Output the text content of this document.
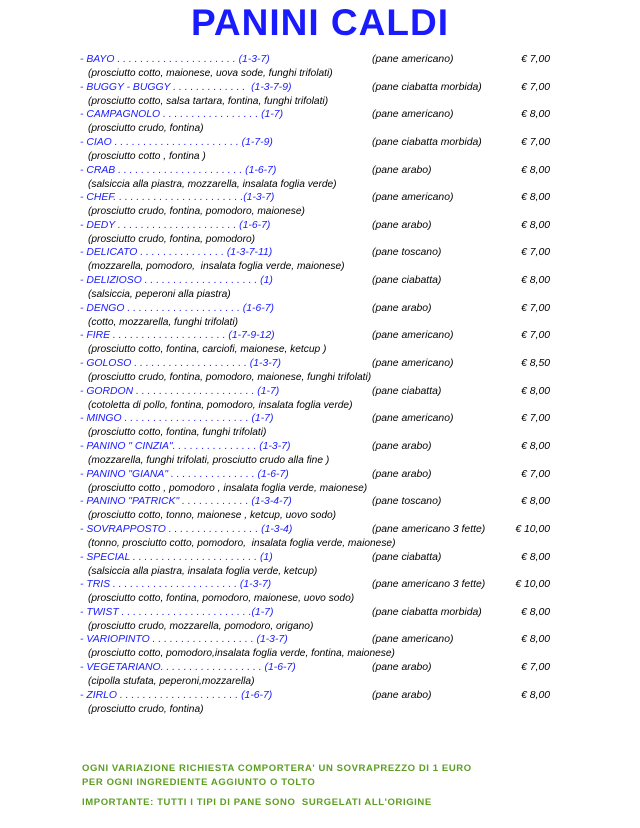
PANINI CALDI
- BAYO . . . . . . . . . . . . . . . . . . . . . (1-3-7)	(pane americano)	€ 7,00
(prosciutto cotto, maionese, uova sode, funghi trifolati)
- BUGGY - BUGGY . . . . . . . . . . . . .  (1-3-7-9)	(pane ciabatta morbida)	€ 7,00
(prosciutto cotto, salsa tartara, fontina, funghi trifolati)
- CAMPAGNOLO . . . . . . . . . . . . . . . . . (1-7)	(pane americano)	€ 8,00
(prosciutto crudo, fontina)
- CIAO . . . . . . . . . . . . . . . . . . . . . . (1-7-9)	(pane ciabatta morbida)	€ 7,00
(prosciutto cotto , fontina )
- CRAB . . . . . . . . . . . . . . . . . . . . . . (1-6-7)	(pane arabo)	€ 8,00
(salsiccia alla piastra, mozzarella, insalata foglia verde)
- CHEF. . . . . . . . . . . . . . . . . . . . . . .(1-3-7)	(pane americano)	€ 8,00
(prosciutto crudo, fontina, pomodoro, maionese)
- DEDY . . . . . . . . . . . . . . . . . . . . . (1-6-7)	(pane arabo)	€ 8,00
(prosciutto crudo, fontina, pomodoro)
- DELICATO . . . . . . . . . . . . . . . (1-3-7-11)	(pane toscano)	€ 7,00
(mozzarella, pomodoro,  insalata foglia verde, maionese)
- DELIZIOSO . . . . . . . . . . . . . . . . . . . . (1)	(pane ciabatta)	€ 8,00
(salsiccia, peperoni alla piastra)
- DENGO . . . . . . . . . . . . . . . . . . . . (1-6-7)	(pane arabo)	€ 7,00
(cotto, mozzarella, funghi trifolati)
- FIRE . . . . . . . . . . . . . . . . . . . . (1-7-9-12)	(pane americano)	€ 7,00
(prosciutto cotto, fontina, carciofi, maionese, ketcup )
- GOLOSO . . . . . . . . . . . . . . . . . . . . (1-3-7)	(pane americano)	€ 8,50
(prosciutto crudo, fontina, pomodoro, maionese, funghi trifolati)
- GORDON . . . . . . . . . . . . . . . . . . . . . (1-7)	(pane ciabatta)	€ 8,00
(cotoletta di pollo, fontina, pomodoro, insalata foglia verde)
- MINGO . . . . . . . . . . . . . . . . . . . . . . (1-7)	(pane americano)	€ 7,00
(prosciutto cotto, fontina, funghi trifolati)
- PANINO " CINZIA". . . . . . . . . . . . . . . (1-3-7)	(pane arabo)	€ 8,00
(mozzarella, funghi trifolati, prosciutto crudo alla fine )
- PANINO "GIANA" . . . . . . . . . . . . . . . (1-6-7)	(pane arabo)	€ 7,00
(prosciutto cotto , pomodoro , insalata foglia verde, maionese)
- PANINO "PATRICK" . . . . . . . . . . . . (1-3-4-7)	(pane toscano)	€ 8,00
(prosciutto cotto, tonno, maionese , ketcup, uovo sodo)
- SOVRAPPOSTO . . . . . . . . . . . . . . . . (1-3-4)	(pane americano 3 fette)	€ 10,00
(tonno, prosciutto cotto, pomodoro,  insalata foglia verde, maionese)
- SPECIAL . . . . . . . . . . . . . . . . . . . . . . (1)	(pane ciabatta)	€ 8,00
(salsiccia alla piastra, insalata foglia verde, ketcup)
- TRIS . . . . . . . . . . . . . . . . . . . . . . (1-3-7)	(pane americano 3 fette)	€ 10,00
(prosciutto cotto, fontina, pomodoro, maionese, uovo sodo)
- TWIST . . . . . . . . . . . . . . . . . . . . . . .(1-7)	(pane ciabatta morbida)	€ 8,00
(prosciutto crudo, mozzarella, pomodoro, origano)
- VARIOPINTO . . . . . . . . . . . . . . . . . . (1-3-7)	(pane americano)	€ 8,00
(prosciutto cotto, pomodoro,insalata foglia verde, fontina, maionese)
- VEGETARIANO. . . . . . . . . . . . . . . . . . (1-6-7)	(pane arabo)	€ 7,00
(cipolla stufata, peperoni,mozzarella)
- ZIRLO . . . . . . . . . . . . . . . . . . . . . (1-6-7)	(pane arabo)	€ 8,00
(prosciutto crudo, fontina)
OGNI VARIAZIONE RICHIESTA COMPORTERA' UN SOVRAPREZZO DI 1 EURO
PER OGNI INGREDIENTE AGGIUNTO O TOLTO
IMPORTANTE: TUTTI I TIPI DI PANE SONO  SURGELATI ALL'ORIGINE
